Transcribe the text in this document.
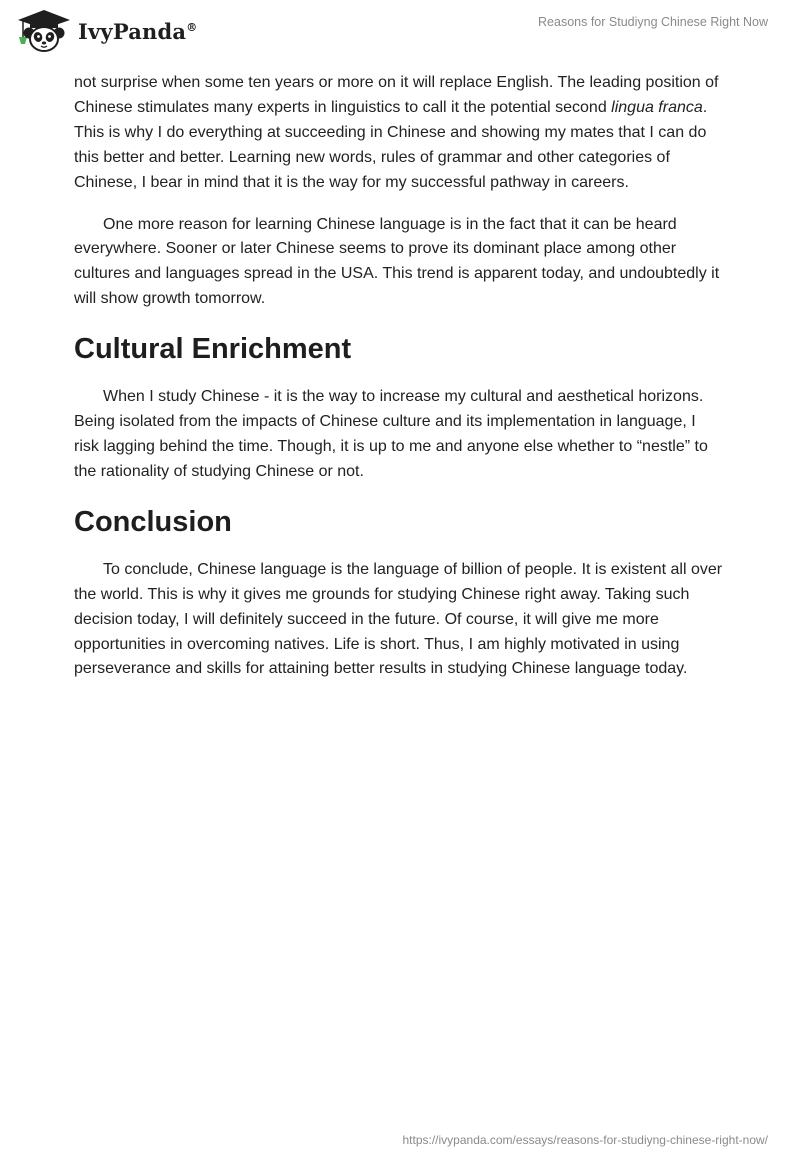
IvyPanda®	Reasons for Studiyng Chinese Right Now

not surprise when some ten years or more on it will replace English. The leading position of Chinese stimulates many experts in linguistics to call it the potential second lingua franca. This is why I do everything at succeeding in Chinese and showing my mates that I can do this better and better. Learning new words, rules of grammar and other categories of Chinese, I bear in mind that it is the way for my successful pathway in careers.

One more reason for learning Chinese language is in the fact that it can be heard everywhere. Sooner or later Chinese seems to prove its dominant place among other cultures and languages spread in the USA. This trend is apparent today, and undoubtedly it will show growth tomorrow.

Cultural Enrichment

When I study Chinese - it is the way to increase my cultural and aesthetical horizons. Being isolated from the impacts of Chinese culture and its implementation in language, I risk lagging behind the time. Though, it is up to me and anyone else whether to “nestle” to the rationality of studying Chinese or not.

Conclusion

To conclude, Chinese language is the language of billion of people. It is existent all over the world. This is why it gives me grounds for studying Chinese right away. Taking such decision today, I will definitely succeed in the future. Of course, it will give me more opportunities in overcoming natives. Life is short. Thus, I am highly motivated in using perseverance and skills for attaining better results in studying Chinese language today.

https://ivypanda.com/essays/reasons-for-studiyng-chinese-right-now/
